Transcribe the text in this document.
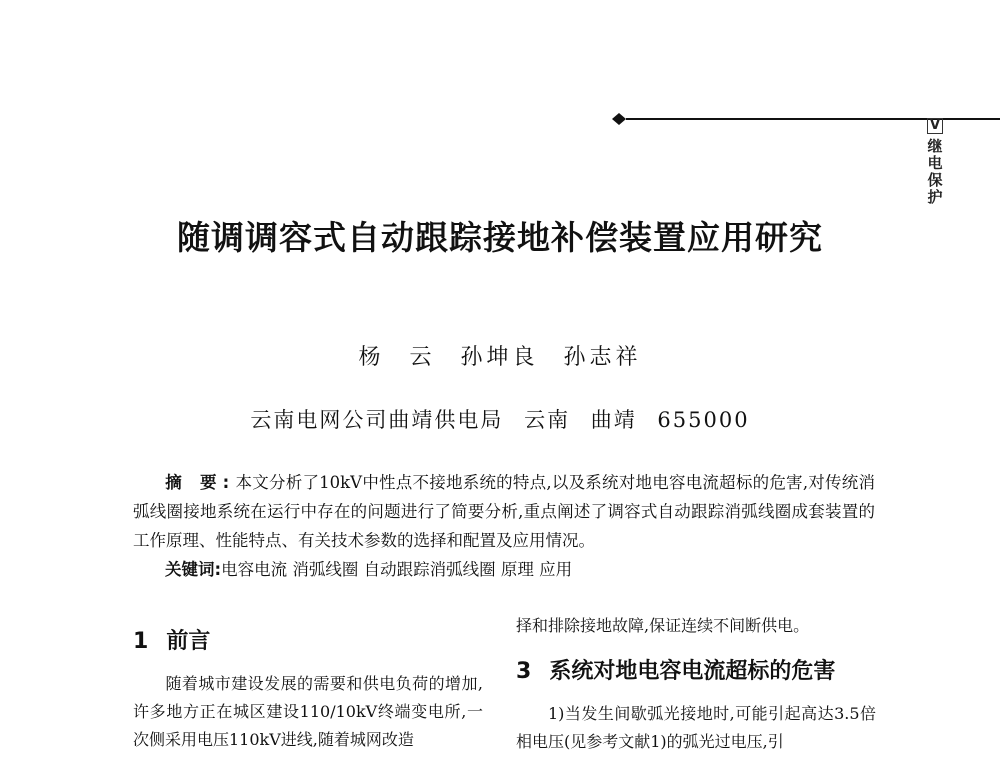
V
继
电
保
护
随调调容式自动跟踪接地补偿装置应用研究
杨 云 孙坤良 孙志祥
云南电网公司曲靖供电局 云南 曲靖 655000
摘 要:本文分析了10kV中性点不接地系统的特点,以及系统对地电容电流超标的危害,对传统消弧线圈接地系统在运行中存在的问题进行了简要分析,重点阐述了调容式自动跟踪消弧线圈成套装置的工作原理、性能特点、有关技术参数的选择和配置及应用情况。
关键词:电容电流 消弧线圈 自动跟踪消弧线圈 原理 应用
1 前言
随着城市建设发展的需要和供电负荷的增加,许多地方正在城区建设110/10kV终端变电所,一次侧采用电压110kV进线,随着城网改造
择和排除接地故障,保证连续不间断供电。
3 系统对地电容电流超标的危害
1)当发生间歇弧光接地时,可能引起高达3.5倍相电压(见参考文献1)的弧光过电压,引
